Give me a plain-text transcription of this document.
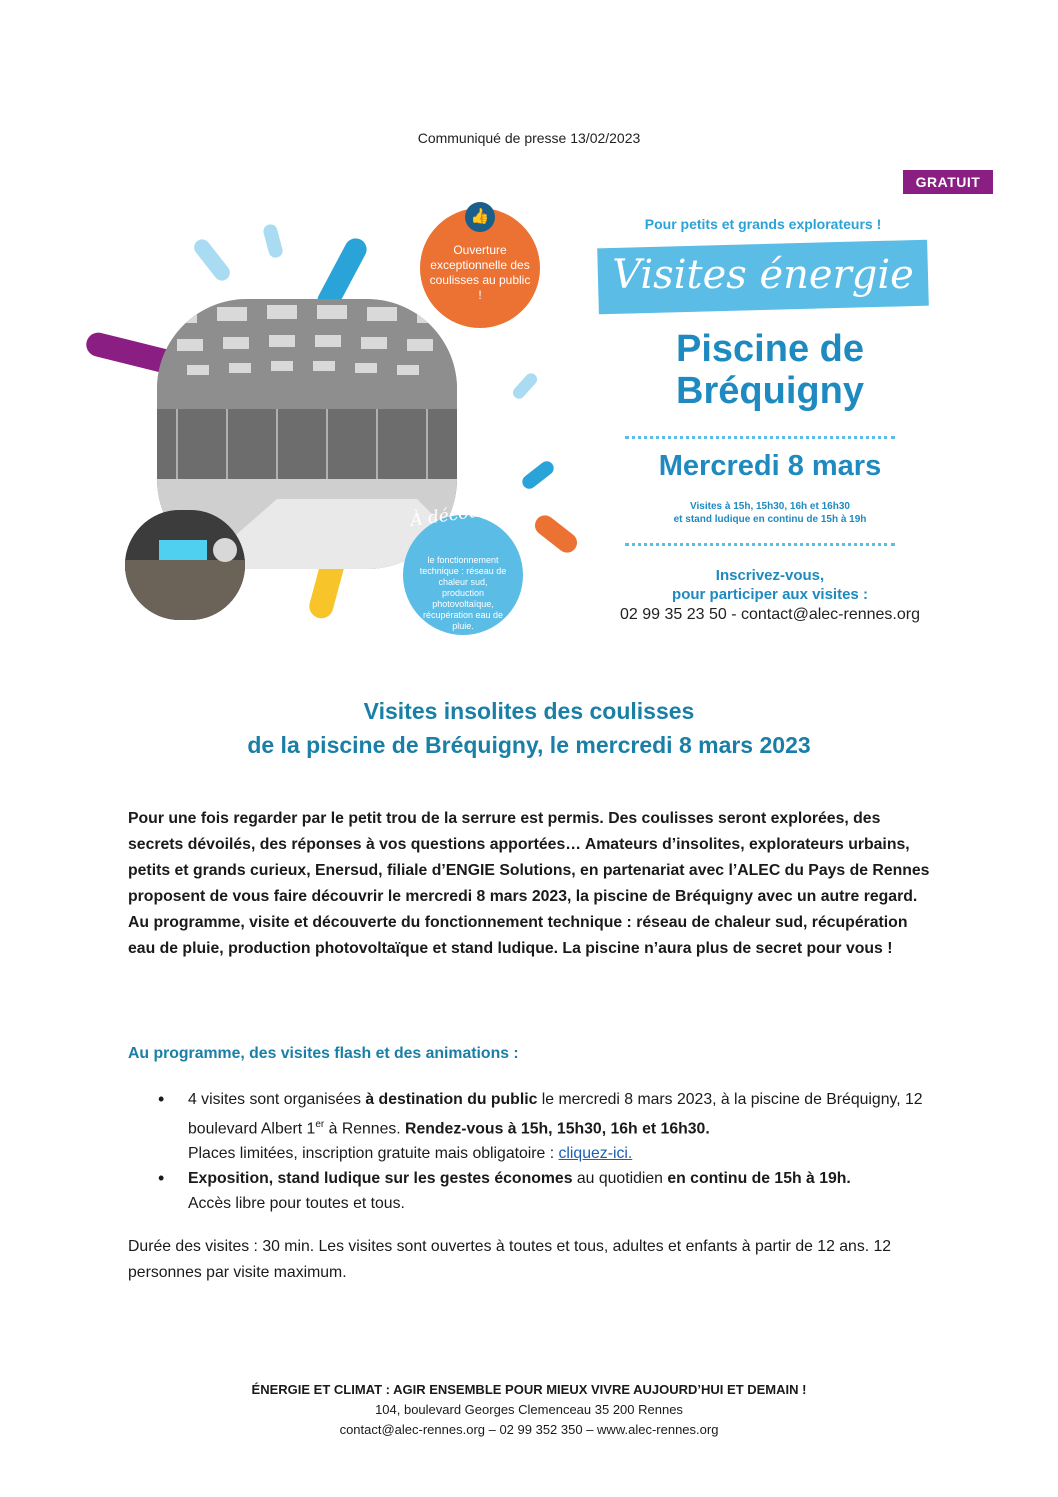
Communiqué de presse 13/02/2023
GRATUIT
👍
Ouverture exceptionnelle des coulisses au public !
le fonctionnement technique : réseau de chaleur sud, production photovoltaïque, récupération eau de pluie.
À découvrir
Pour petits et grands explorateurs !
Visites énergie
Piscine de
Bréquigny
Mercredi 8 mars
Visites à 15h, 15h30, 16h et 16h30
et stand ludique en continu de 15h à 19h
Inscrivez-vous,
pour participer aux visites :
02 99 35 23 50 - contact@alec-rennes.org
Visites insolites des coulisses
de la piscine de Bréquigny, le mercredi 8 mars 2023
Pour une fois regarder par le petit trou de la serrure est permis. Des coulisses seront explorées, des secrets dévoilés, des réponses à vos questions apportées… Amateurs d’insolites, explorateurs urbains, petits et grands curieux, Enersud, filiale d’ENGIE Solutions, en partenariat avec l’ALEC du Pays de Rennes proposent de vous faire découvrir le mercredi 8 mars 2023, la piscine de Bréquigny avec un autre regard. Au programme, visite et découverte du fonctionnement technique : réseau de chaleur sud, récupération eau de pluie, production photovoltaïque et stand ludique. La piscine n’aura plus de secret pour vous !
Au programme, des visites flash et des animations :
• 4 visites sont organisées à destination du public le mercredi 8 mars 2023, à la piscine de Bréquigny, 12 boulevard Albert 1er à Rennes. Rendez-vous à 15h, 15h30, 16h et 16h30.
Places limitées, inscription gratuite mais obligatoire : cliquez-ici.
• Exposition, stand ludique sur les gestes économes au quotidien en continu de 15h à 19h.
Accès libre pour toutes et tous.
Durée des visites : 30 min. Les visites sont ouvertes à toutes et tous, adultes et enfants à partir de 12 ans. 12 personnes par visite maximum.
ÉNERGIE ET CLIMAT : AGIR ENSEMBLE POUR MIEUX VIVRE AUJOURD’HUI ET DEMAIN !
104, boulevard Georges Clemenceau 35 200 Rennes
contact@alec-rennes.org – 02 99 352 350 – www.alec-rennes.org
